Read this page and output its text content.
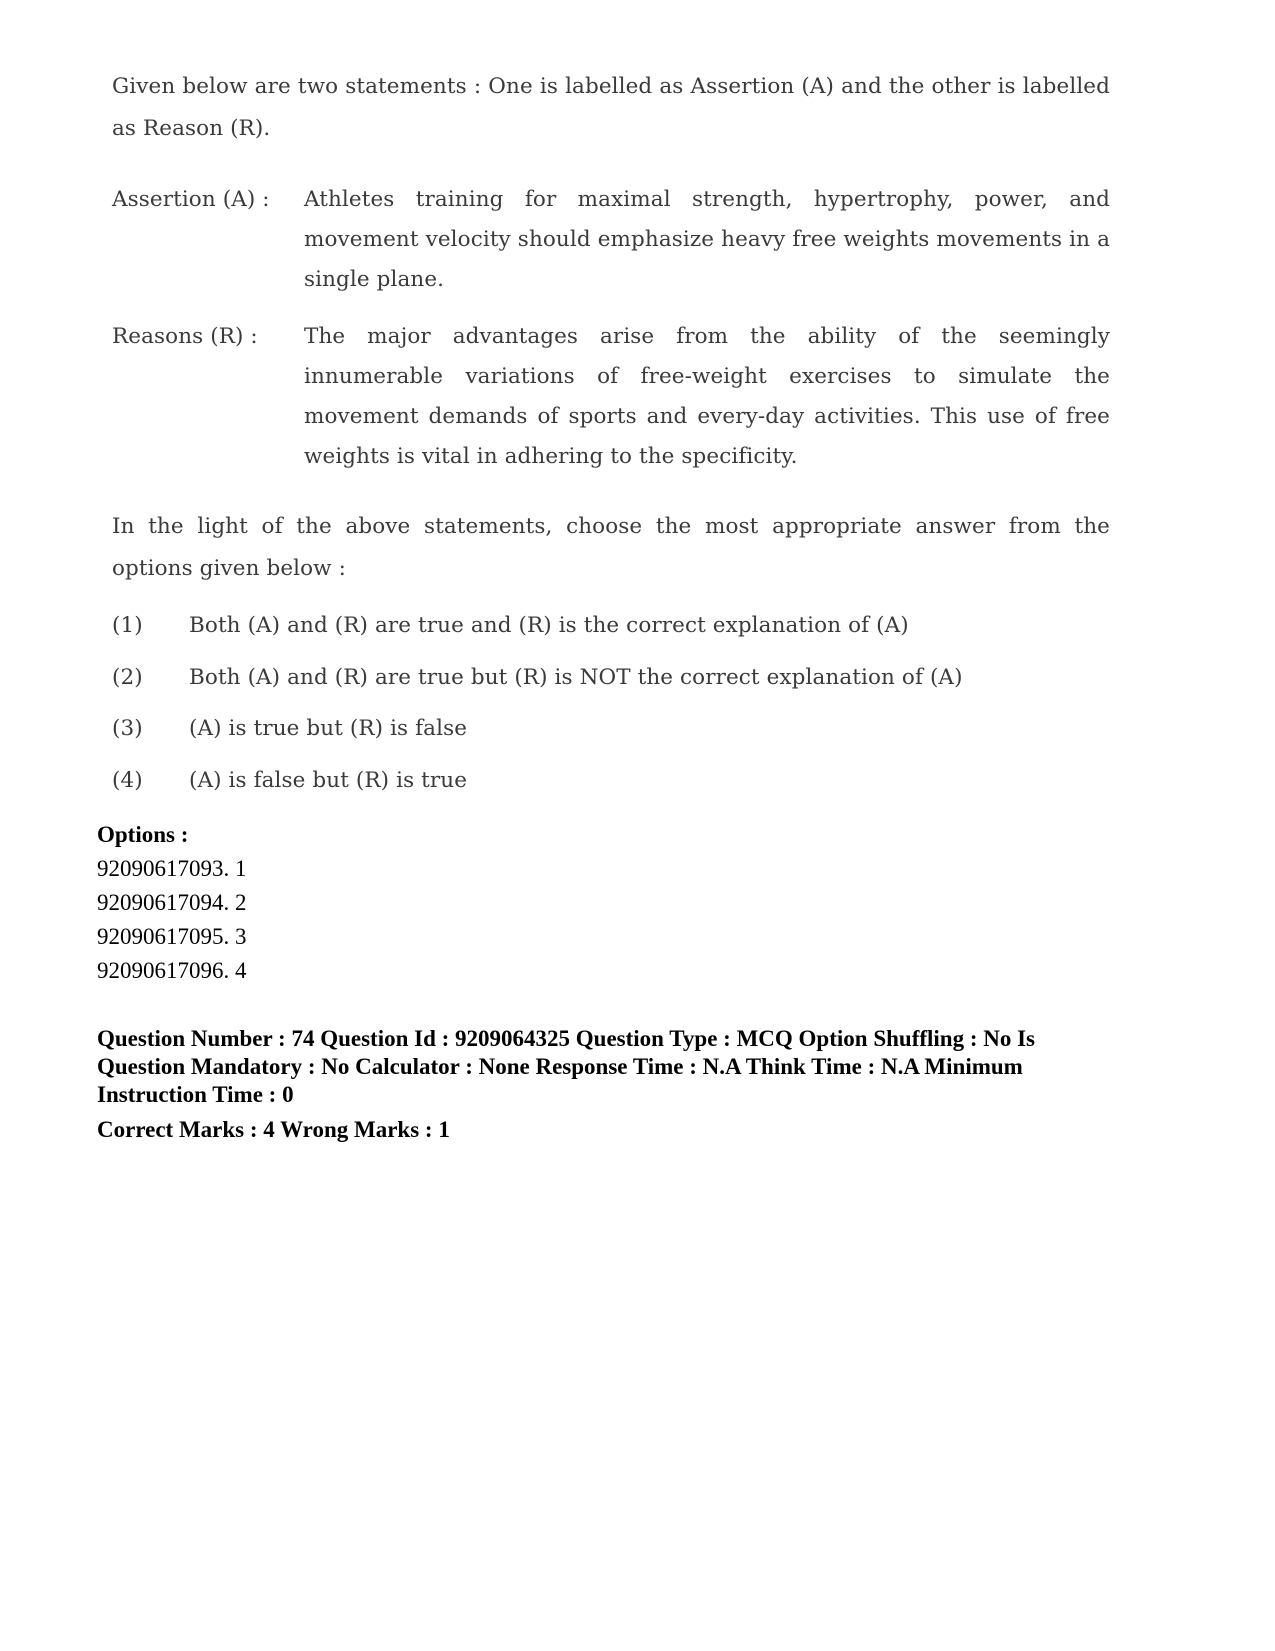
Given below are two statements : One is labelled as Assertion (A) and the other is labelled as Reason (R).

Assertion (A) :	Athletes training for maximal strength, hypertrophy, power, and movement velocity should emphasize heavy free weights movements in a single plane.
Reasons (R) :	The major advantages arise from the ability of the seemingly innumerable variations of free-weight exercises to simulate the movement demands of sports and every-day activities. This use of free weights is vital in adhering to the specificity.

In the light of the above statements, choose the most appropriate answer from the options given below :

(1)	Both (A) and (R) are true and (R) is the correct explanation of (A)
(2)	Both (A) and (R) are true but (R) is NOT the correct explanation of (A)
(3)	(A) is true but (R) is false
(4)	(A) is false but (R) is true

Options :

92090617093. 1

92090617094. 2

92090617095. 3

92090617096. 4

Question Number : 74 Question Id : 9209064325 Question Type : MCQ Option Shuffling : No Is

Question Mandatory : No Calculator : None Response Time : N.A Think Time : N.A Minimum

Instruction Time : 0

Correct Marks : 4 Wrong Marks : 1
